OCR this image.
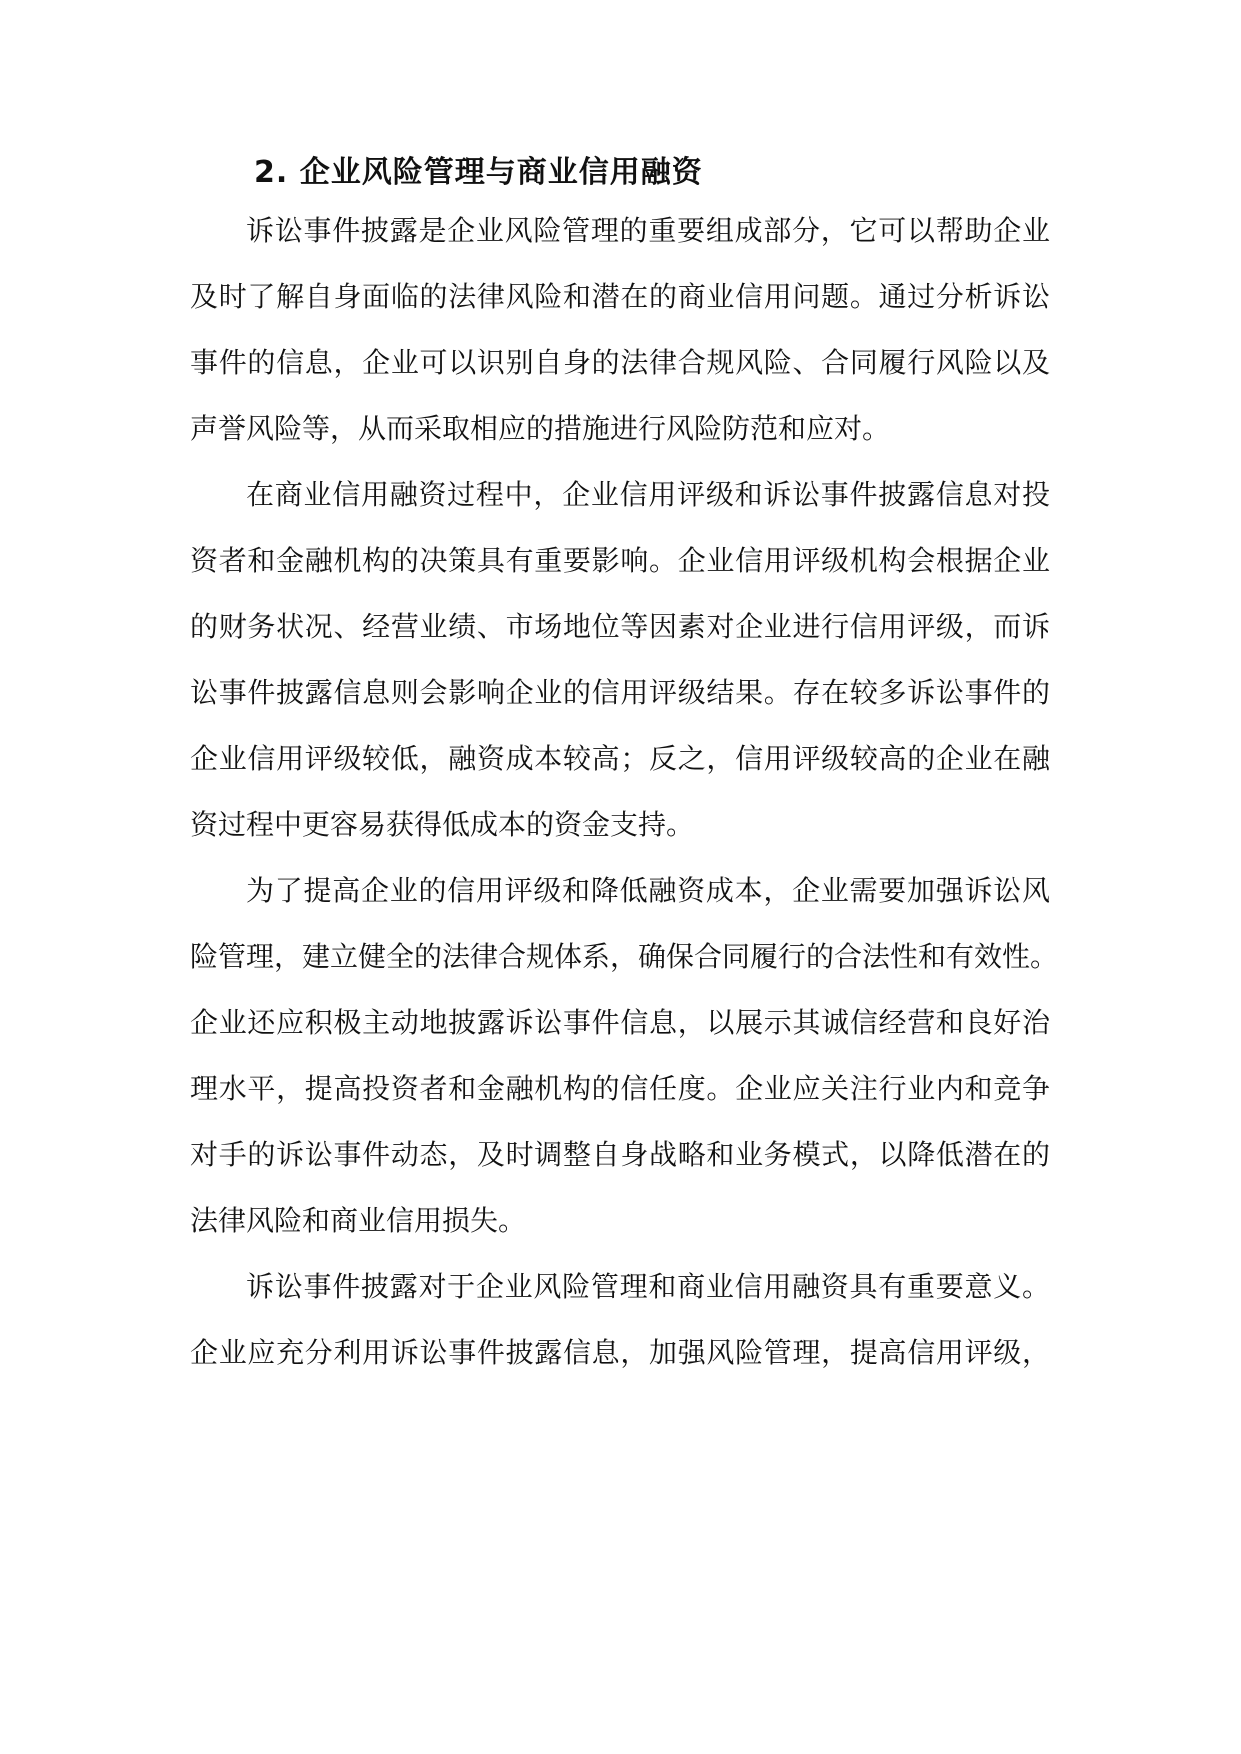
2. 企业风险管理与商业信用融资
诉讼事件披露是企业风险管理的重要组成部分，它可以帮助企业
及时了解自身面临的法律风险和潜在的商业信用问题。通过分析诉讼
事件的信息，企业可以识别自身的法律合规风险、合同履行风险以及
声誉风险等，从而采取相应的措施进行风险防范和应对。
在商业信用融资过程中，企业信用评级和诉讼事件披露信息对投
资者和金融机构的决策具有重要影响。企业信用评级机构会根据企业
的财务状况、经营业绩、市场地位等因素对企业进行信用评级，而诉
讼事件披露信息则会影响企业的信用评级结果。存在较多诉讼事件的
企业信用评级较低，融资成本较高；反之，信用评级较高的企业在融
资过程中更容易获得低成本的资金支持。
为了提高企业的信用评级和降低融资成本，企业需要加强诉讼风
险管理，建立健全的法律合规体系，确保合同履行的合法性和有效性。
企业还应积极主动地披露诉讼事件信息，以展示其诚信经营和良好治
理水平，提高投资者和金融机构的信任度。企业应关注行业内和竞争
对手的诉讼事件动态，及时调整自身战略和业务模式，以降低潜在的
法律风险和商业信用损失。
诉讼事件披露对于企业风险管理和商业信用融资具有重要意义。
企业应充分利用诉讼事件披露信息，加强风险管理，提高信用评级，
